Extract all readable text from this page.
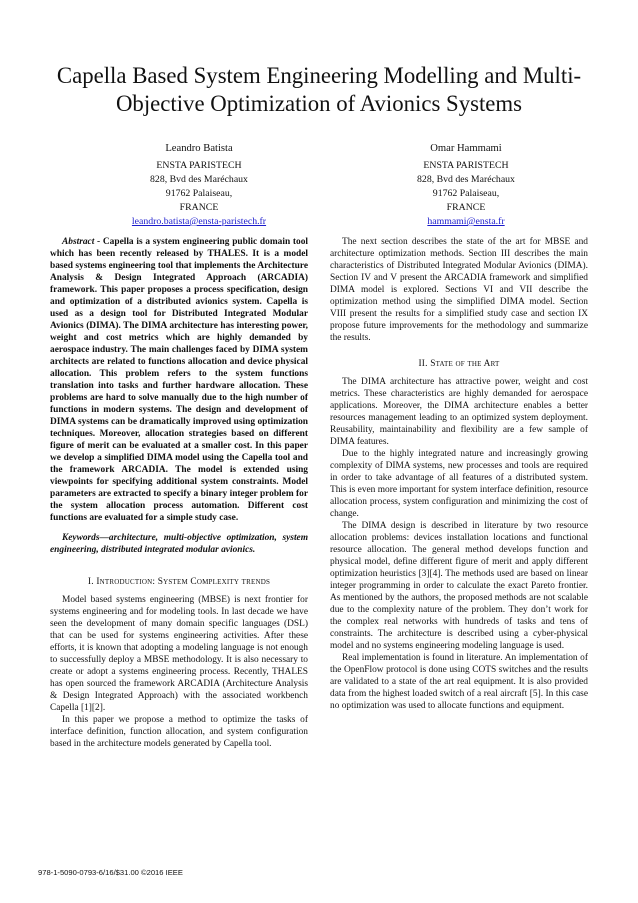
Capella Based System Engineering Modelling and Multi-Objective Optimization of Avionics Systems
Leandro Batista
ENSTA PARISTECH
828, Bvd des Maréchaux
91762 Palaiseau,
FRANCE
leandro.batista@ensta-paristech.fr
Omar Hammami
ENSTA PARISTECH
828, Bvd des Maréchaux
91762 Palaiseau,
FRANCE
hammami@ensta.fr

Abstract - Capella is a system engineering public domain tool which has been recently released by THALES. It is a model based systems engineering tool that implements the Architecture Analysis & Design Integrated Approach (ARCADIA) framework. This paper proposes a process specification, design and optimization of a distributed avionics system. Capella is used as a design tool for Distributed Integrated Modular Avionics (DIMA). The DIMA architecture has interesting power, weight and cost metrics which are highly demanded by aerospace industry. The main challenges faced by DIMA system architects are related to functions allocation and device physical allocation. This problem refers to the system functions translation into tasks and further hardware allocation. These problems are hard to solve manually due to the high number of functions in modern systems. The design and development of DIMA systems can be dramatically improved using optimization techniques. Moreover, allocation strategies based on different figure of merit can be evaluated at a smaller cost. In this paper we develop a simplified DIMA model using the Capella tool and the framework ARCADIA. The model is extended using viewpoints for specifying additional system constraints. Model parameters are extracted to specify a binary integer problem for the system allocation process automation. Different cost functions are evaluated for a simple study case.

Keywords—architecture, multi-objective optimization, system engineering, distributed integrated modular avionics.

I. Introduction: System Complexity trends

Model based systems engineering (MBSE) is next frontier for systems engineering and for modeling tools. In last decade we have seen the development of many domain specific languages (DSL) that can be used for systems engineering activities. After these efforts, it is known that adopting a modeling language is not enough to successfully deploy a MBSE methodology. It is also necessary to create or adopt a systems engineering process. Recently, THALES has open sourced the framework ARCADIA (Architecture Analysis & Design Integrated Approach) with the associated workbench Capella [1][2].

In this paper we propose a method to optimize the tasks of interface definition, function allocation, and system configuration based in the architecture models generated by Capella tool.

The next section describes the state of the art for MBSE and architecture optimization methods. Section III describes the main characteristics of Distributed Integrated Modular Avionics (DIMA). Section IV and V present the ARCADIA framework and simplified DIMA model is explored. Sections VI and VII describe the optimization method using the simplified DIMA model. Section VIII present the results for a simplified study case and section IX propose future improvements for the methodology and summarize the results.

II. State of the Art

The DIMA architecture has attractive power, weight and cost metrics. These characteristics are highly demanded for aerospace applications. Moreover, the DIMA architecture enables a better resources management leading to an optimized system deployment. Reusability, maintainability and flexibility are a few sample of DIMA features.

Due to the highly integrated nature and increasingly growing complexity of DIMA systems, new processes and tools are required in order to take advantage of all features of a distributed system. This is even more important for system interface definition, resource allocation process, system configuration and minimizing the cost of change.

The DIMA design is described in literature by two resource allocation problems: devices installation locations and functional resource allocation. The general method develops function and physical model, define different figure of merit and apply different optimization heuristics [3][4]. The methods used are based on linear integer programming in order to calculate the exact Pareto frontier. As mentioned by the authors, the proposed methods are not scalable due to the complexity nature of the problem. They don’t work for the complex real networks with hundreds of tasks and tens of constraints. The architecture is described using a cyber-physical model and no systems engineering modeling language is used.

Real implementation is found in literature. An implementation of the OpenFlow protocol is done using COTS switches and the results are validated to a state of the art real equipment. It is also provided data from the highest loaded switch of a real aircraft [5]. In this case no optimization was used to allocate functions and equipment.

978-1-5090-0793-6/16/$31.00 ©2016 IEEE
